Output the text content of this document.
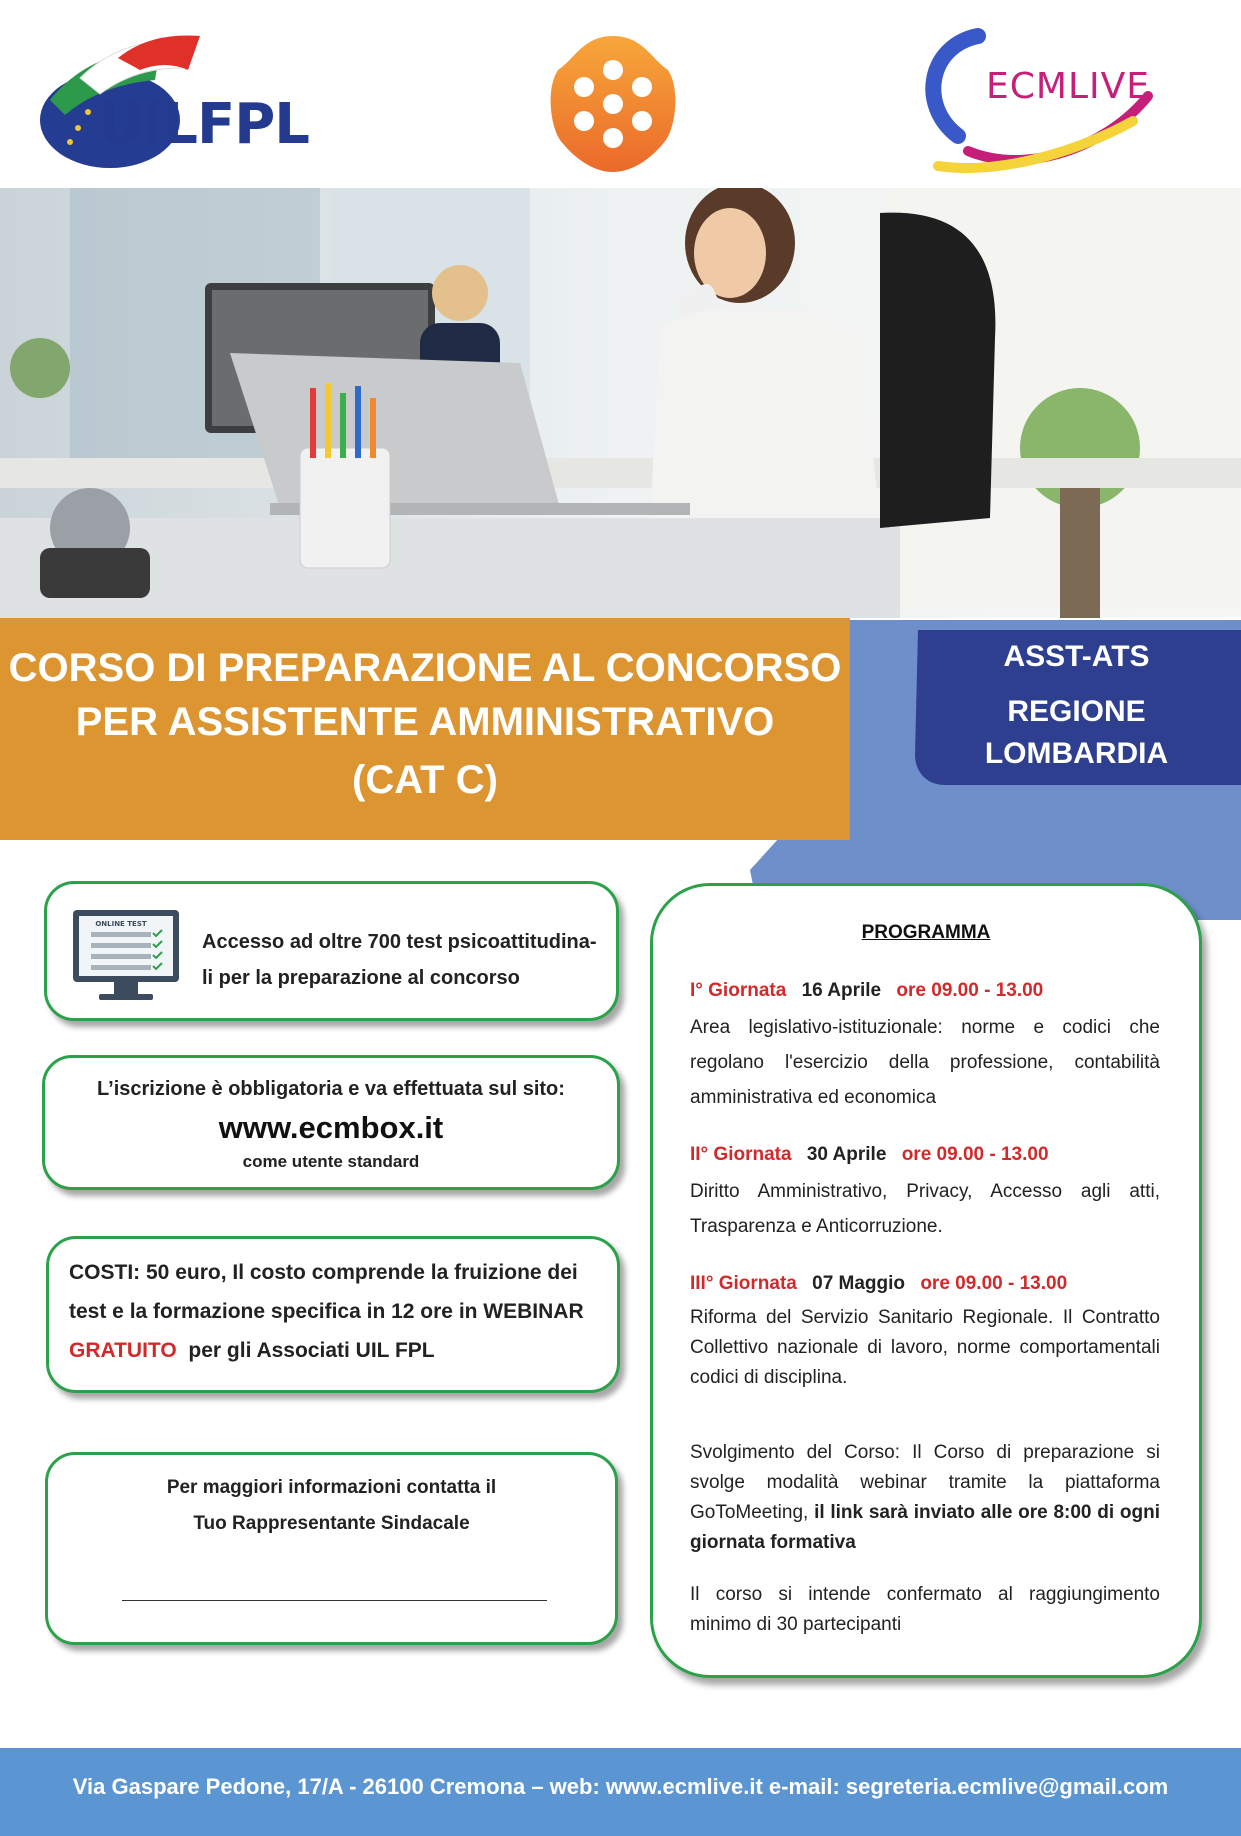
UILFPL
ECMLIVE
CORSO DI PREPARAZIONE AL CONCORSO
PER ASSISTENTE AMMINISTRATIVO
(CAT C)
ASST-ATS
REGIONE
LOMBARDIA
ONLINE TEST
Accesso ad oltre 700 test psicoattitudina-
li per la preparazione al concorso
L’iscrizione è obbligatoria e va effettuata sul sito:
www.ecmbox.it
come utente standard
COSTI: 50 euro, Il costo comprende la fruizione dei
test e la formazione specifica in 12 ore in WEBINAR
GRATUITO per gli Associati UIL FPL
Per maggiori informazioni contatta il
Tuo Rappresentante Sindacale
PROGRAMMA
I° Giornata 16 Aprile ore 09.00 - 13.00
Area legislativo-istituzionale: norme e codici che regolano l'esercizio della professione, contabilità amministrativa ed economica
II° Giornata 30 Aprile ore 09.00 - 13.00
Diritto Amministrativo, Privacy, Accesso agli atti, Trasparenza e Anticorruzione.
III° Giornata 07 Maggio ore 09.00 - 13.00
Riforma del Servizio Sanitario Regionale. Il Contratto Collettivo nazionale di lavoro, norme comportamentali codici di disciplina.
Svolgimento del Corso: Il Corso di preparazione si svolge modalità webinar tramite la piattaforma GoToMeeting, il link sarà inviato alle ore 8:00 di ogni giornata formativa
Il corso si intende confermato al raggiungimento minimo di 30 partecipanti
Via Gaspare Pedone, 17/A - 26100 Cremona – web: www.ecmlive.it e-mail: segreteria.ecmlive@gmail.com
